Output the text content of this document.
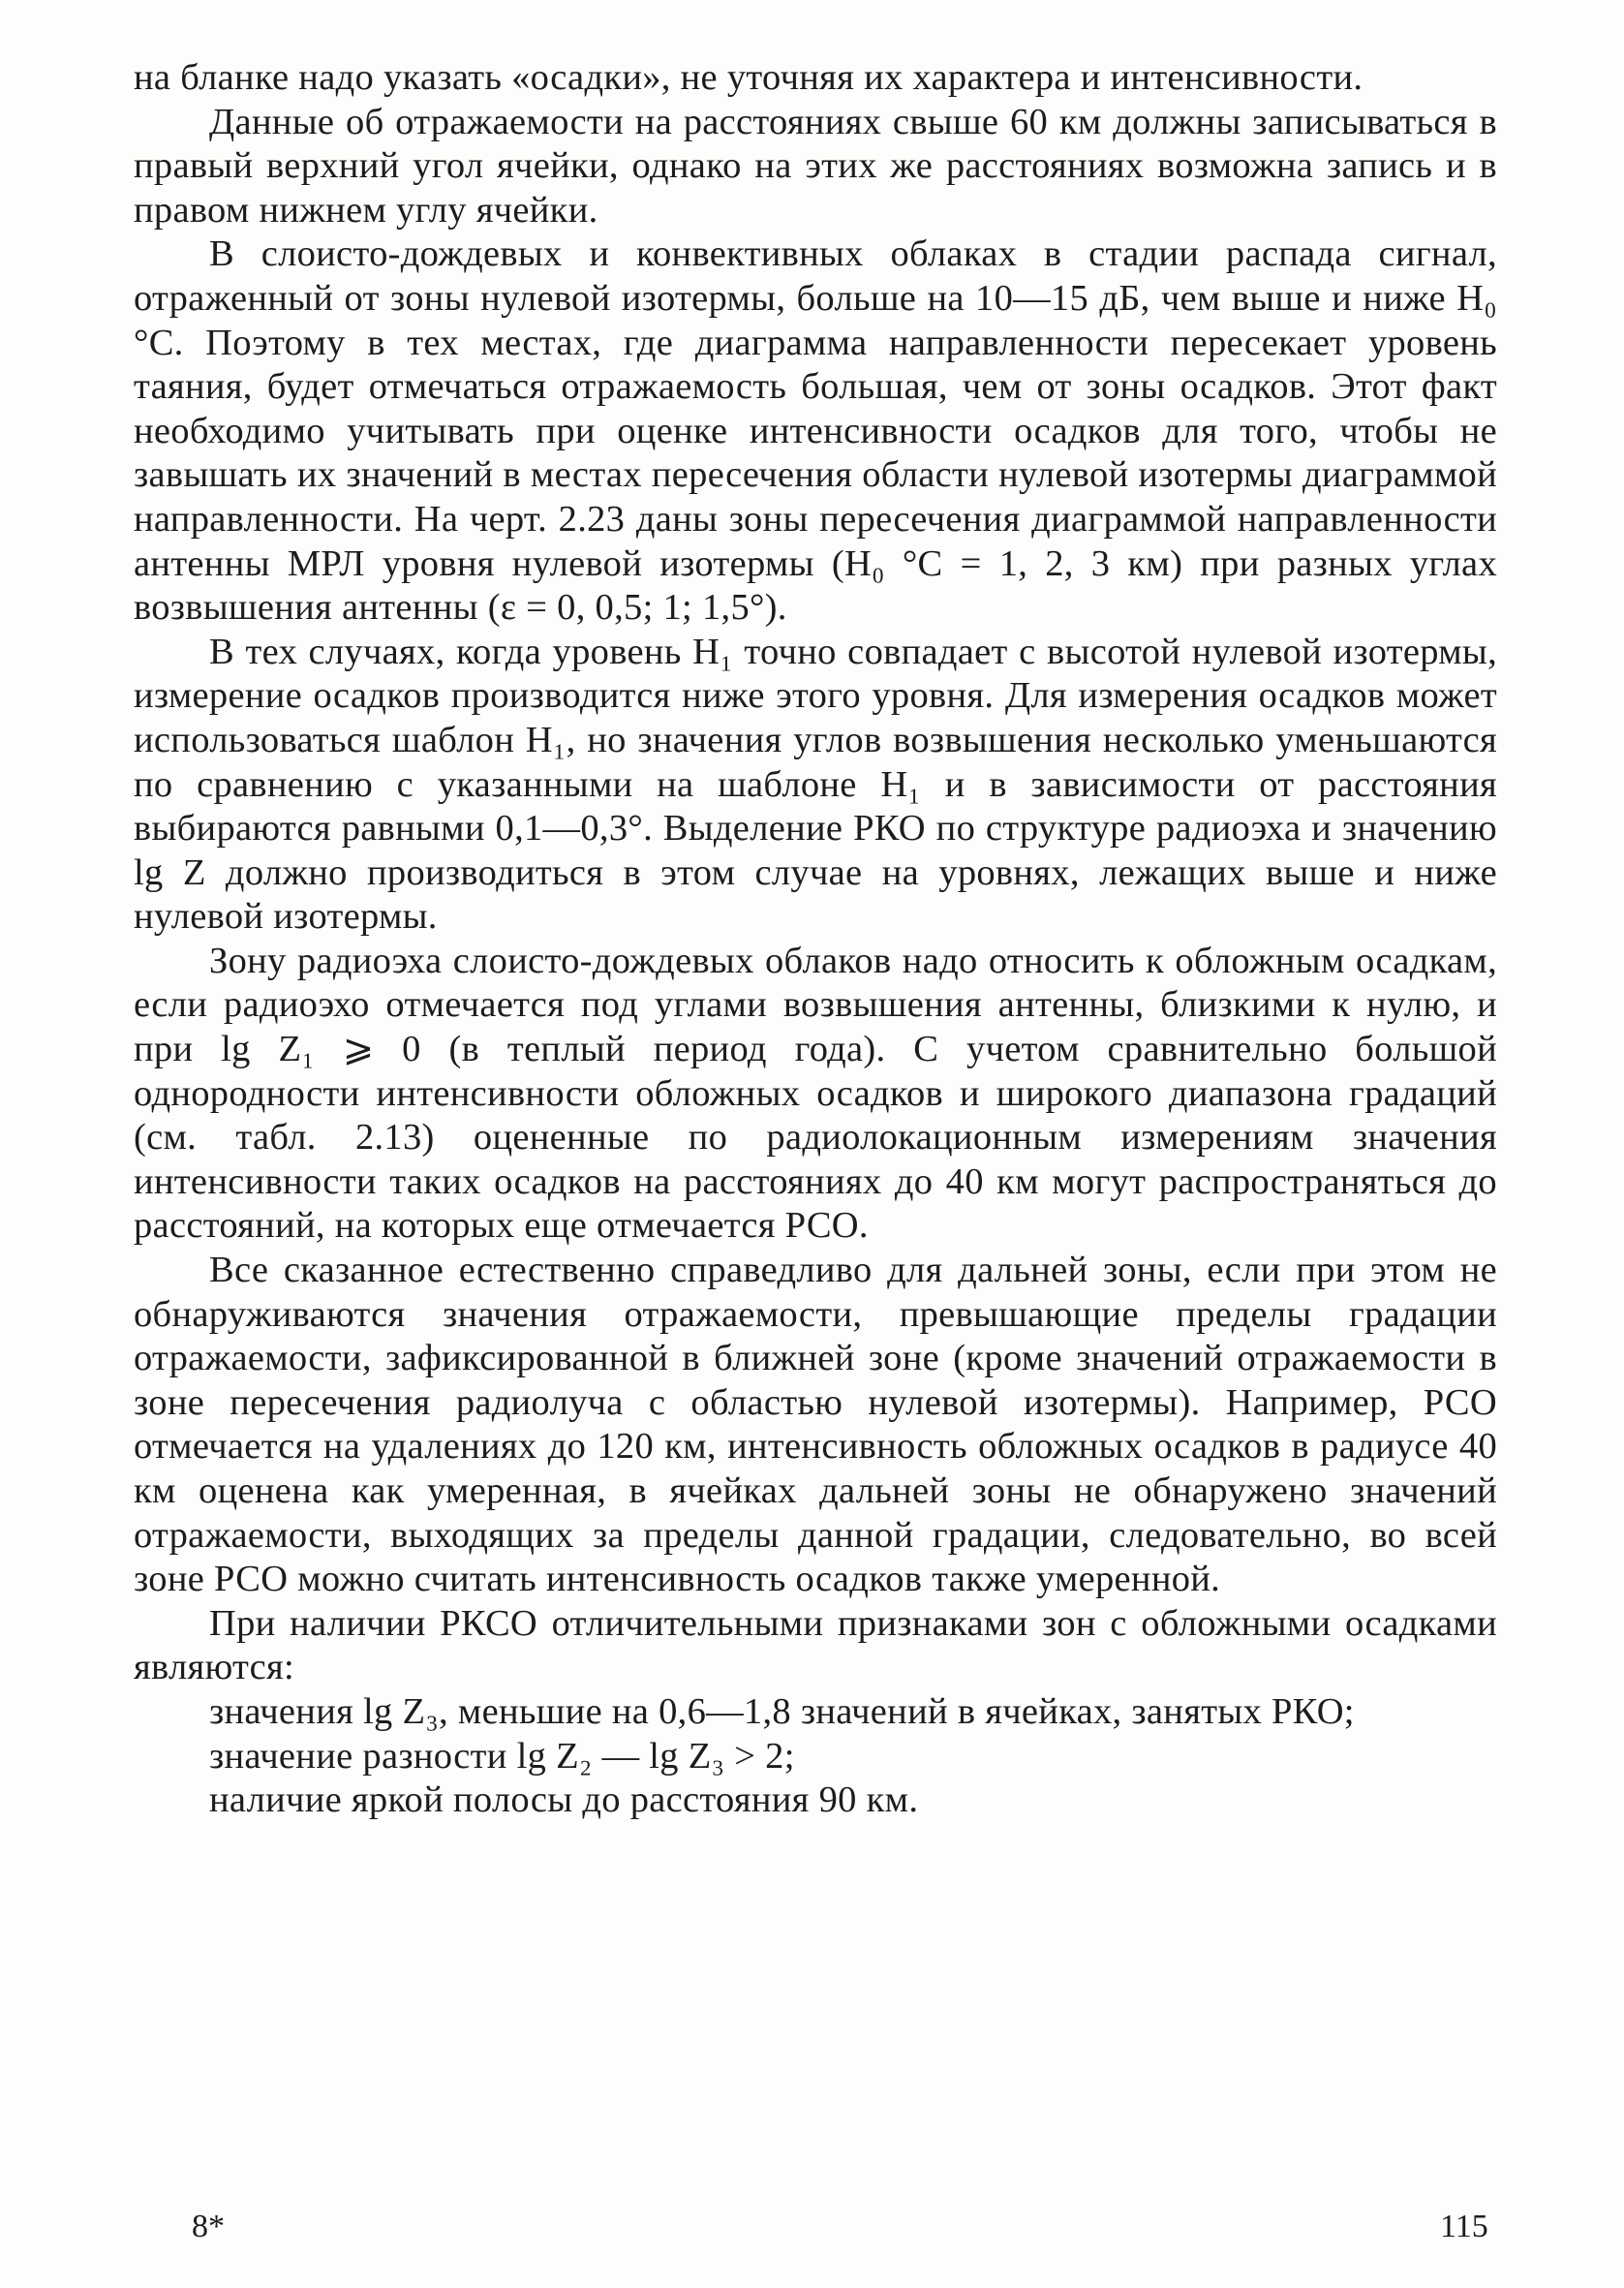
на бланке надо указать «осадки», не уточняя их характера и интенсивности.

Данные об отражаемости на расстояниях свыше 60 км должны записываться в правый верхний угол ячейки, однако на этих же расстояниях возможна запись и в правом нижнем углу ячейки.

В слоисто-дождевых и конвективных облаках в стадии распада сигнал, отраженный от зоны нулевой изотермы, больше на 10—15 дБ, чем выше и ниже H₀ °C. Поэтому в тех местах, где диаграмма направленности пересекает уровень таяния, будет отмечаться отражаемость большая, чем от зоны осадков. Этот факт необходимо учитывать при оценке интенсивности осадков для того, чтобы не завышать их значений в местах пересечения области нулевой изотермы диаграммой направленности. На черт. 2.23 даны зоны пересечения диаграммой направленности антенны МРЛ уровня нулевой изотермы (H₀ °C = 1, 2, 3 км) при разных углах возвышения антенны (ε = 0, 0,5; 1; 1,5°).

В тех случаях, когда уровень H₁ точно совпадает с высотой нулевой изотермы, измерение осадков производится ниже этого уровня. Для измерения осадков может использоваться шаблон H₁, но значения углов возвышения несколько уменьшаются по сравнению с указанными на шаблоне H₁ и в зависимости от расстояния выбираются равными 0,1—0,3°. Выделение РКО по структуре радиоэха и значению lg Z должно производиться в этом случае на уровнях, лежащих выше и ниже нулевой изотермы.

Зону радиоэха слоисто-дождевых облаков надо относить к обложным осадкам, если радиоэхо отмечается под углами возвышения антенны, близкими к нулю, и при lg Z₁ ⩾ 0 (в теплый период года). С учетом сравнительно большой однородности интенсивности обложных осадков и широкого диапазона градаций (см. табл. 2.13) оцененные по радиолокационным измерениям значения интенсивности таких осадков на расстояниях до 40 км могут распространяться до расстояний, на которых еще отмечается РСО.

Все сказанное естественно справедливо для дальней зоны, если при этом не обнаруживаются значения отражаемости, превышающие пределы градации отражаемости, зафиксированной в ближней зоне (кроме значений отражаемости в зоне пересечения радиолуча с областью нулевой изотермы). Например, РСО отмечается на удалениях до 120 км, интенсивность обложных осадков в радиусе 40 км оценена как умеренная, в ячейках дальней зоны не обнаружено значений отражаемости, выходящих за пределы данной градации, следовательно, во всей зоне РСО можно считать интенсивность осадков также умеренной.

При наличии РКСО отличительными признаками зон с обложными осадками являются:

значения lg Z₃, меньшие на 0,6—1,8 значений в ячейках, занятых РКО;

значение разности lg Z₂ — lg Z₃ > 2;

наличие яркой полосы до расстояния 90 км.

8*	115
